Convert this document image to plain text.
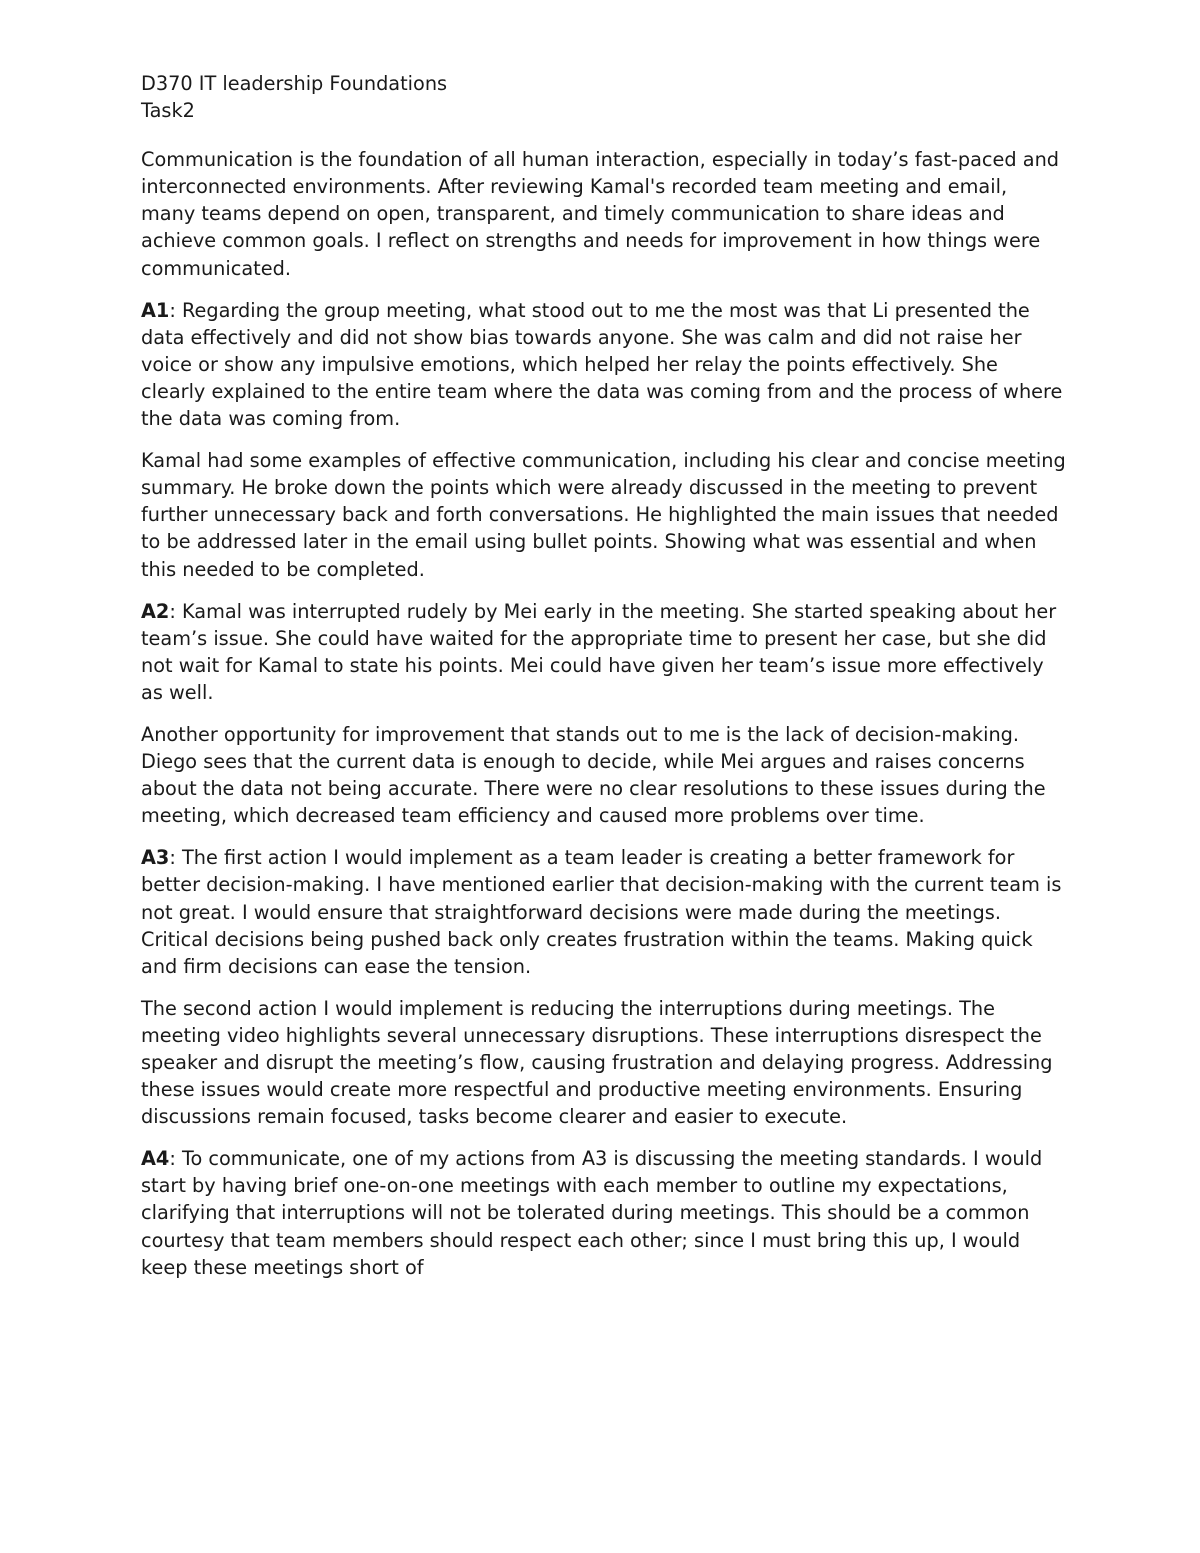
D370 IT leadership Foundations

Task2

Communication is the foundation of all human interaction, especially in today’s fast-paced and interconnected environments. After reviewing Kamal's recorded team meeting and email, many teams depend on open, transparent, and timely communication to share ideas and achieve common goals. I reflect on strengths and needs for improvement in how things were communicated.

A1: Regarding the group meeting, what stood out to me the most was that Li presented the data effectively and did not show bias towards anyone. She was calm and did not raise her voice or show any impulsive emotions, which helped her relay the points effectively. She clearly explained to the entire team where the data was coming from and the process of where the data was coming from.

Kamal had some examples of effective communication, including his clear and concise meeting summary. He broke down the points which were already discussed in the meeting to prevent further unnecessary back and forth conversations. He highlighted the main issues that needed to be addressed later in the email using bullet points. Showing what was essential and when this needed to be completed.

A2: Kamal was interrupted rudely by Mei early in the meeting. She started speaking about her team’s issue. She could have waited for the appropriate time to present her case, but she did not wait for Kamal to state his points. Mei could have given her team’s issue more effectively as well.

Another opportunity for improvement that stands out to me is the lack of decision-making. Diego sees that the current data is enough to decide, while Mei argues and raises concerns about the data not being accurate. There were no clear resolutions to these issues during the meeting, which decreased team efficiency and caused more problems over time.

A3: The first action I would implement as a team leader is creating a better framework for better decision-making. I have mentioned earlier that decision-making with the current team is not great. I would ensure that straightforward decisions were made during the meetings. Critical decisions being pushed back only creates frustration within the teams. Making quick and firm decisions can ease the tension.

The second action I would implement is reducing the interruptions during meetings. The meeting video highlights several unnecessary disruptions. These interruptions disrespect the speaker and disrupt the meeting’s flow, causing frustration and delaying progress. Addressing these issues would create more respectful and productive meeting environments. Ensuring discussions remain focused, tasks become clearer and easier to execute.

A4: To communicate, one of my actions from A3 is discussing the meeting standards. I would start by having brief one-on-one meetings with each member to outline my expectations, clarifying that interruptions will not be tolerated during meetings. This should be a common courtesy that team members should respect each other; since I must bring this up, I would keep these meetings short of
